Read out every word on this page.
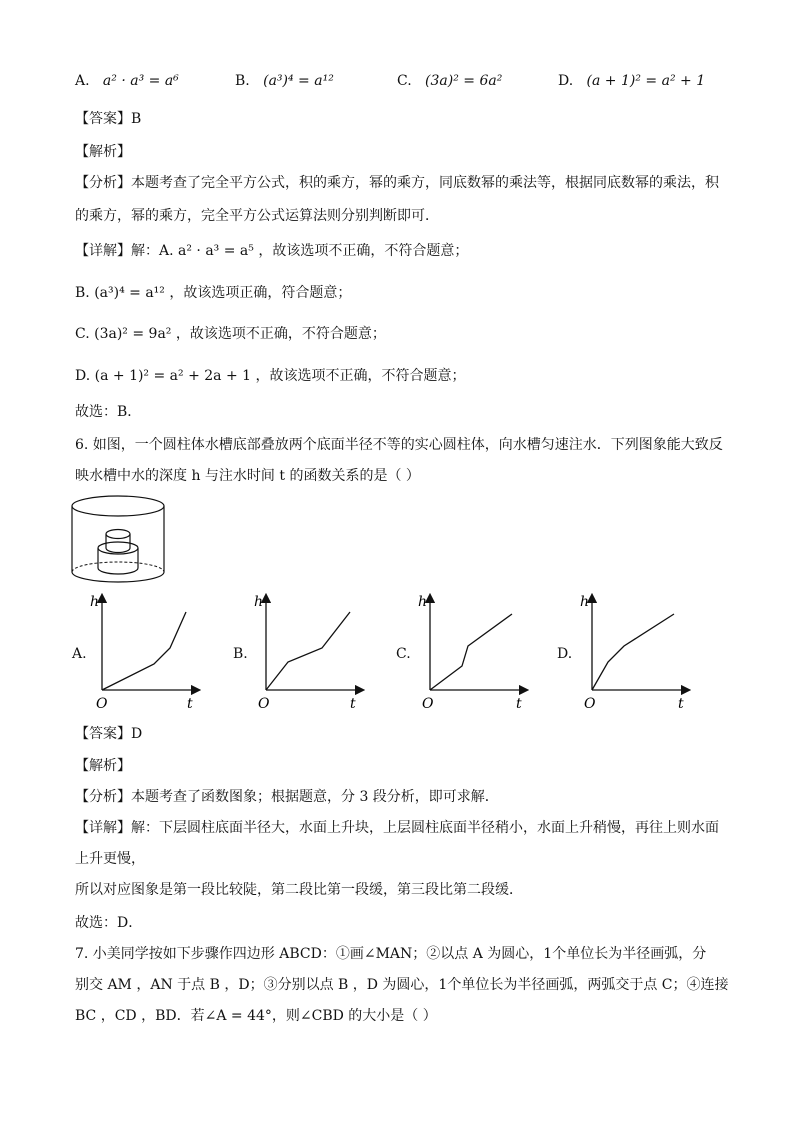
A. a² · a³ = a⁶	B. (a³)⁴ = a¹²	C. (3a)² = 6a²	D. (a + 1)² = a² + 1
【答案】B
【解析】
【分析】本题考查了完全平方公式，积的乘方，幂的乘方，同底数幂的乘法等，根据同底数幂的乘法，积
的乘方，幂的乘方，完全平方公式运算法则分别判断即可．
【详解】解：A. a² · a³ = a⁵ ，故该选项不正确，不符合题意；
B. (a³)⁴ = a¹² ，故该选项正确，符合题意；
C. (3a)² = 9a² ，故该选项不正确，不符合题意；
D. (a + 1)² = a² + 2a + 1 ，故该选项不正确，不符合题意；
故选：B．
6. 如图，一个圆柱体水槽底部叠放两个底面半径不等的实心圆柱体，向水槽匀速注水．下列图象能大致反
映水槽中水的深度 h 与注水时间 t 的函数关系的是（ ）
A.
h
O	t
B.
h
O	t
C.
h
O	t
D.
h
O	t
【答案】D
【解析】
【分析】本题考查了函数图象；根据题意，分 3 段分析，即可求解．
【详解】解：下层圆柱底面半径大，水面上升块，上层圆柱底面半径稍小，水面上升稍慢，再往上则水面
上升更慢，
所以对应图象是第一段比较陡，第二段比第一段缓，第三段比第二段缓．
故选：D．
7. 小美同学按如下步骤作四边形 ABCD：①画∠MAN；②以点 A 为圆心，1个单位长为半径画弧，分
别交 AM ，AN 于点 B ，D；③分别以点 B ，D 为圆心，1个单位长为半径画弧，两弧交于点 C；④连接
BC ，CD ，BD．若∠A = 44°，则∠CBD 的大小是（ ）
